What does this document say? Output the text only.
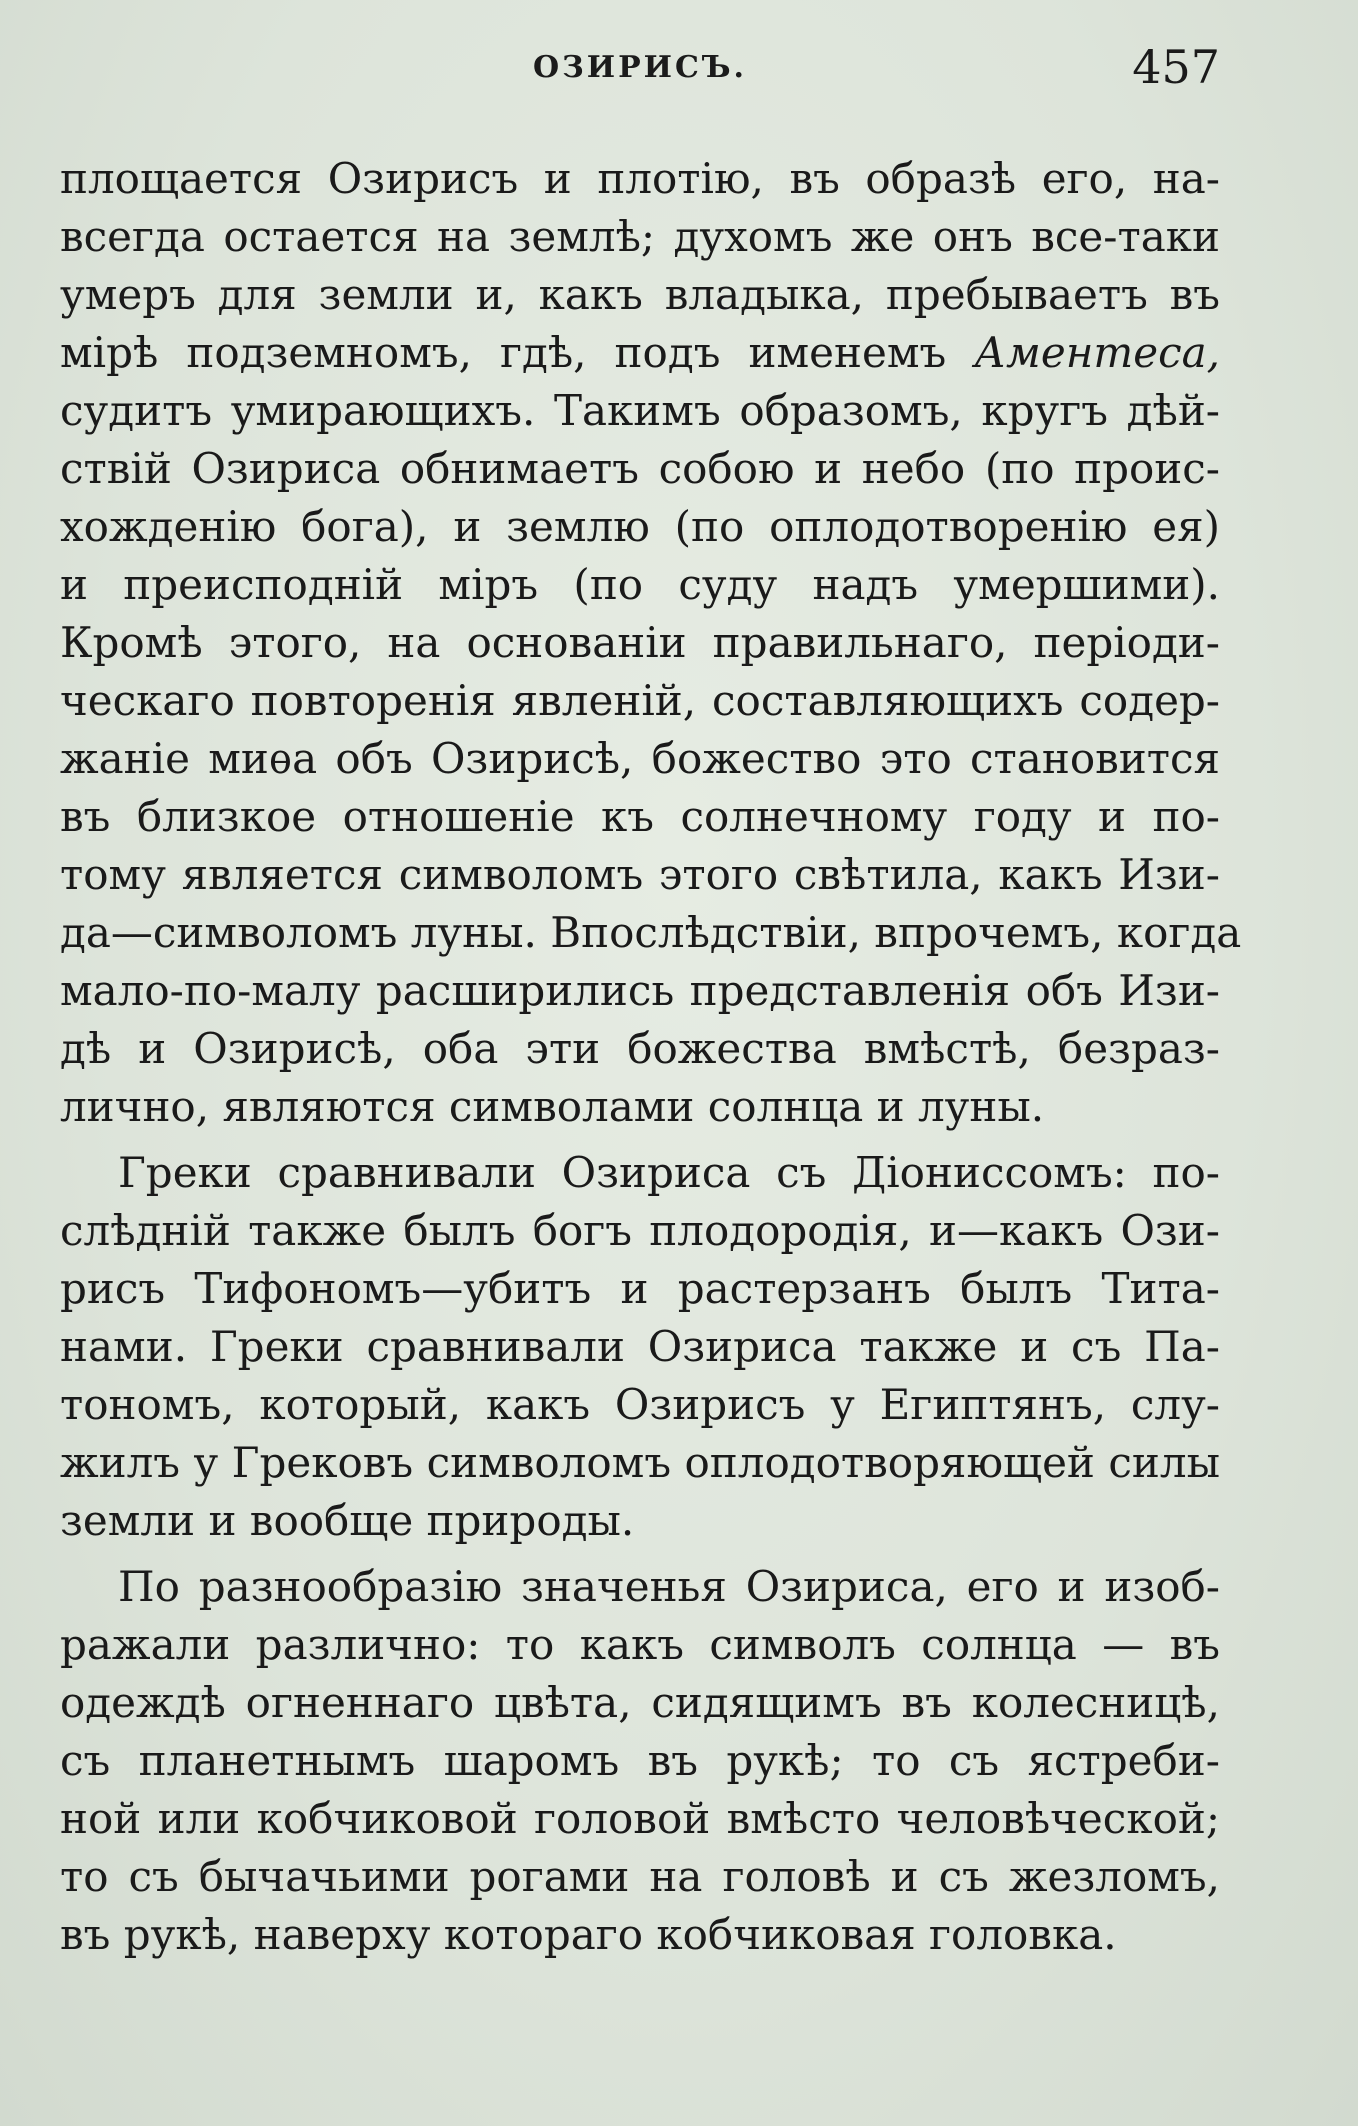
ОЗИРИСЪ.	457
площается Озирисъ и плотію, въ образѣ его, на-
всегда остается на землѣ; духомъ же онъ все-таки
умеръ для земли и, какъ владыка, пребываетъ въ
мірѣ подземномъ, гдѣ, подъ именемъ Аментеса,
судитъ умирающихъ. Такимъ образомъ, кругъ дѣй-
ствій Озириса обнимаетъ собою и небо (по проис-
хожденію бога), и землю (по оплодотворенію ея)
и преисподній міръ (по суду надъ умершими).
Кромѣ этого, на основаніи правильнаго, періоди-
ческаго повторенія явленій, составляющихъ содер-
жаніе миѳа объ Озирисѣ, божество это становится
въ близкое отношеніе къ солнечному году и по-
тому является символомъ этого свѣтила, какъ Изи-
да—символомъ луны. Впослѣдствіи, впрочемъ, когда
мало-по-малу расширились представленія объ Изи-
дѣ и Озирисѣ, оба эти божества вмѣстѣ, безраз-
лично, являются символами солнца и луны.
Греки сравнивали Озириса съ Діониссомъ: по-
слѣдній также былъ богъ плодородія, и—какъ Ози-
рисъ Тифономъ—убитъ и растерзанъ былъ Тита-
нами. Греки сравнивали Озириса также и съ Па-
тономъ, который, какъ Озирисъ у Египтянъ, слу-
жилъ у Грековъ символомъ оплодотворяющей силы
земли и вообще природы.
По разнообразію значенья Озириса, его и изоб-
ражали различно: то какъ символъ солнца — въ
одеждѣ огненнаго цвѣта, сидящимъ въ колесницѣ,
съ планетнымъ шаромъ въ рукѣ; то съ ястреби-
ной или кобчиковой головой вмѣсто человѣческой;
то съ бычачьими рогами на головѣ и съ жезломъ,
въ рукѣ, наверху котораго кобчиковая головка.
